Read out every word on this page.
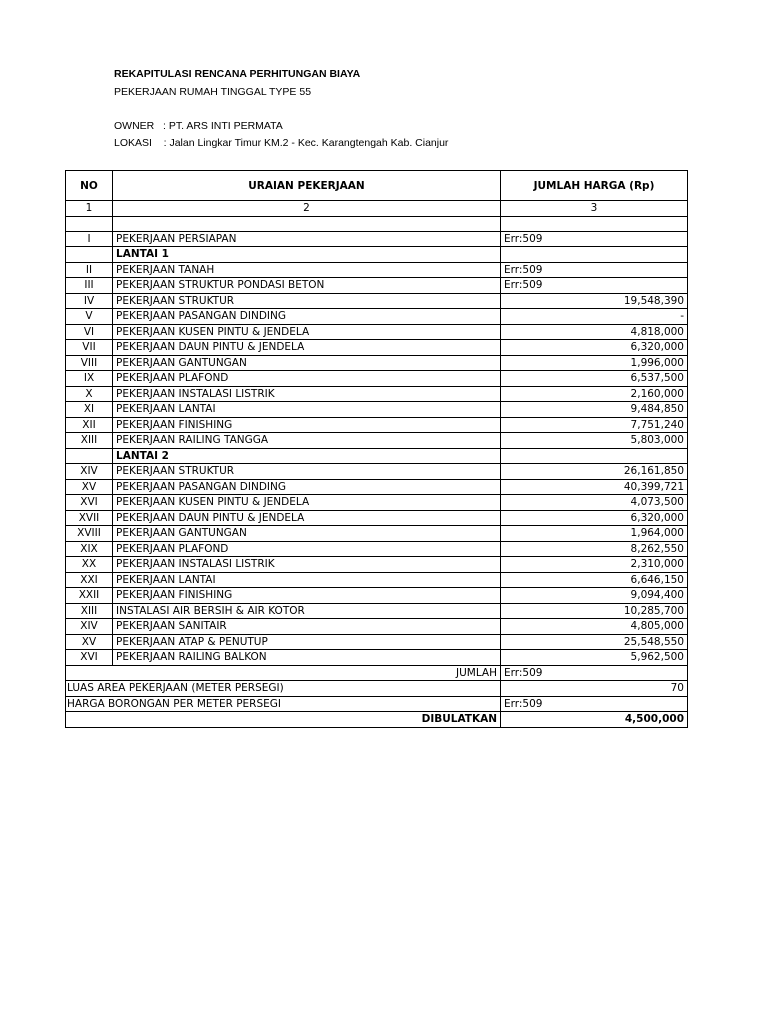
REKAPITULASI RENCANA PERHITUNGAN BIAYA
PEKERJAAN RUMAH TINGGAL TYPE 55
OWNER   : PT. ARS INTI PERMATA
LOKASI    : Jalan Lingkar Timur KM.2 - Kec. Karangtengah Kab. Cianjur
NO	URAIAN PEKERJAAN	JUMLAH HARGA (Rp)
1	2	3

I	PEKERJAAN PERSIAPAN	Err:509
	LANTAI 1	
II	PEKERJAAN TANAH	Err:509
III	PEKERJAAN STRUKTUR PONDASI BETON	Err:509
IV	PEKERJAAN STRUKTUR	19,548,390
V	PEKERJAAN PASANGAN DINDING	-
VI	PEKERJAAN KUSEN PINTU & JENDELA	4,818,000
VII	PEKERJAAN DAUN PINTU & JENDELA	6,320,000
VIII	PEKERJAAN GANTUNGAN	1,996,000
IX	PEKERJAAN PLAFOND	6,537,500
X	PEKERJAAN INSTALASI LISTRIK	2,160,000
XI	PEKERJAAN LANTAI	9,484,850
XII	PEKERJAAN FINISHING	7,751,240
XIII	PEKERJAAN RAILING TANGGA	5,803,000
	LANTAI 2	
XIV	PEKERJAAN STRUKTUR	26,161,850
XV	PEKERJAAN PASANGAN DINDING	40,399,721
XVI	PEKERJAAN KUSEN PINTU & JENDELA	4,073,500
XVII	PEKERJAAN DAUN PINTU & JENDELA	6,320,000
XVIII	PEKERJAAN GANTUNGAN	1,964,000
XIX	PEKERJAAN PLAFOND	8,262,550
XX	PEKERJAAN INSTALASI LISTRIK	2,310,000
XXI	PEKERJAAN LANTAI	6,646,150
XXII	PEKERJAAN FINISHING	9,094,400
XIII	INSTALASI AIR BERSIH & AIR KOTOR	10,285,700
XIV	PEKERJAAN SANITAIR	4,805,000
XV	PEKERJAAN ATAP & PENUTUP	25,548,550
XVI	PEKERJAAN RAILING BALKON	5,962,500
JUMLAH		Err:509
LUAS AREA PEKERJAAN (METER PERSEGI)		70
HARGA BORONGAN PER METER PERSEGI		Err:509
DIBULATKAN		4,500,000
